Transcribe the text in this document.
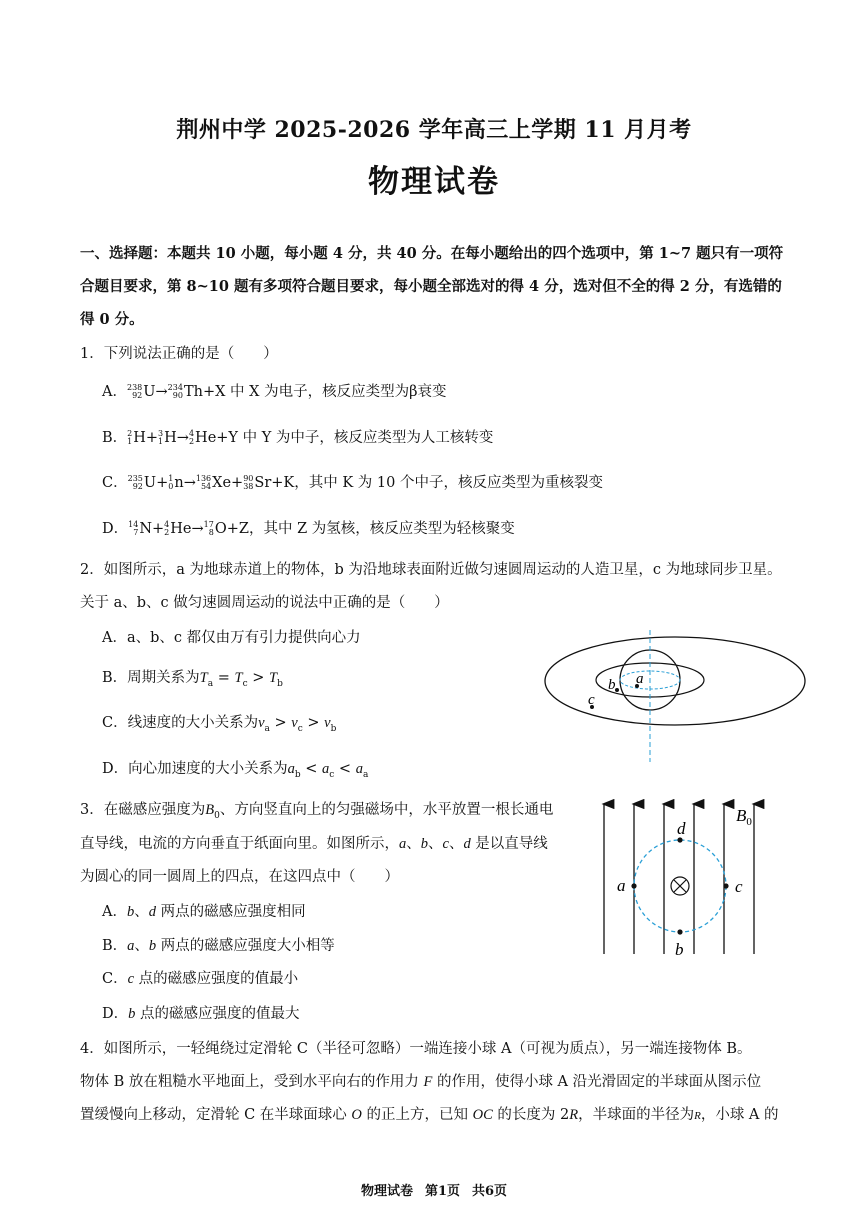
荆州中学 2025-2026 学年高三上学期 11 月月考
物理试卷
一、选择题：本题共 10 小题，每小题 4 分，共 40 分。在每小题给出的四个选项中，第 1~7 题只有一项符
合题目要求，第 8~10 题有多项符合题目要求，每小题全部选对的得 4 分，选对但不全的得 2 分，有选错的
得 0 分。
1．下列说法正确的是（　　）
A． 238
92 U→ 234
90 Th+X 中 X 为电子，核反应类型为β衰变
B． 2
1 H+ 3
1 H→ 4
2 He+Y 中 Y 为中子，核反应类型为人工核转变
C． 235
92 U+ 1
0 n→ 136
54 Xe+ 90
38 Sr+K，其中 K 为 10 个中子，核反应类型为重核裂变
D． 14
7 N+ 4
2 He→ 17
8 O+Z，其中 Z 为氢核，核反应类型为轻核聚变
2．如图所示，a 为地球赤道上的物体，b 为沿地球表面附近做匀速圆周运动的人造卫星，c 为地球同步卫星。
关于 a、b、c 做匀速圆周运动的说法中正确的是（　　）
A．a、b、c 都仅由万有引力提供向心力
B．周期关系为$T_a = T_c > T_b$
C．线速度的大小关系为$v_a > v_c > v_b$
D．向心加速度的大小关系为$a_b < a_c < a_a$
a
b
c
3．在磁感应强度为$B_0$、方向竖直向上的匀强磁场中，水平放置一根长通电
直导线，电流的方向垂直于纸面向里。如图所示，a、b、c、d 是以直导线
为圆心的同一圆周上的四点，在这四点中（　　）
A．b、d 两点的磁感应强度相同
B．a、b 两点的磁感应强度大小相等
C．c 点的磁感应强度的值最小
D．b 点的磁感应强度的值最大
a	c
d
b
$B_0$
4．如图所示，一轻绳绕过定滑轮 C（半径可忽略）一端连接小球 A（可视为质点），另一端连接物体 B。
物体 B 放在粗糙水平地面上，受到水平向右的作用力 F 的作用，使得小球 A 沿光滑固定的半球面从图示位
置缓慢向上移动，定滑轮 C 在半球面球心 O 的正上方，已知 OC 的长度为 2R，半球面的半径为R，小球 A 的
物理试卷 第1页 共6页
